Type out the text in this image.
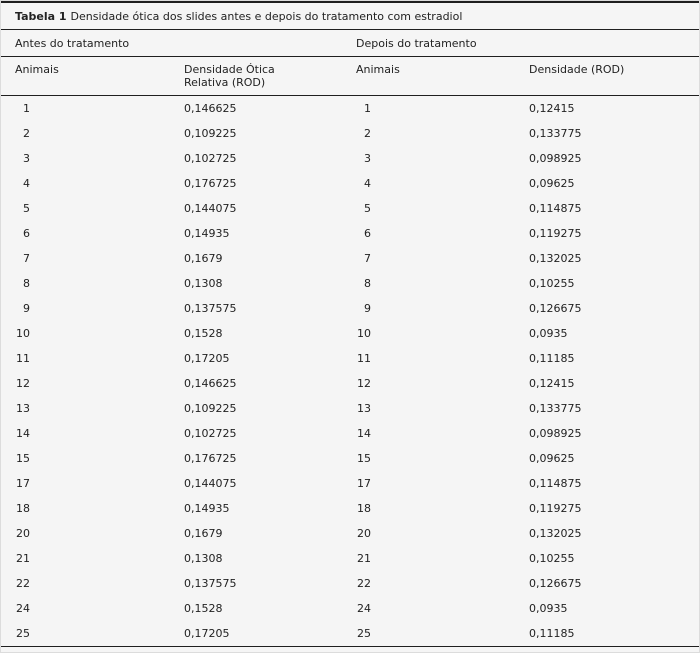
Tabela 1 Densidade ótica dos slides antes e depois do tratamento com estradiol
Antes do tratamento		Depois do tratamento	
Animais	Densidade Ótica Relativa (ROD)	Animais	Densidade (ROD)
1	0,146625	1	0,12415
2	0,109225	2	0,133775
3	0,102725	3	0,098925
4	0,176725	4	0,09625
5	0,144075	5	0,114875
6	0,14935	6	0,119275
7	0,1679	7	0,132025
8	0,1308	8	0,10255
9	0,137575	9	0,126675
10	0,1528	10	0,0935
11	0,17205	11	0,11185
12	0,146625	12	0,12415
13	0,109225	13	0,133775
14	0,102725	14	0,098925
15	0,176725	15	0,09625
17	0,144075	17	0,114875
18	0,14935	18	0,119275
20	0,1679	20	0,132025
21	0,1308	21	0,10255
22	0,137575	22	0,126675
24	0,1528	24	0,0935
25	0,17205	25	0,11185
